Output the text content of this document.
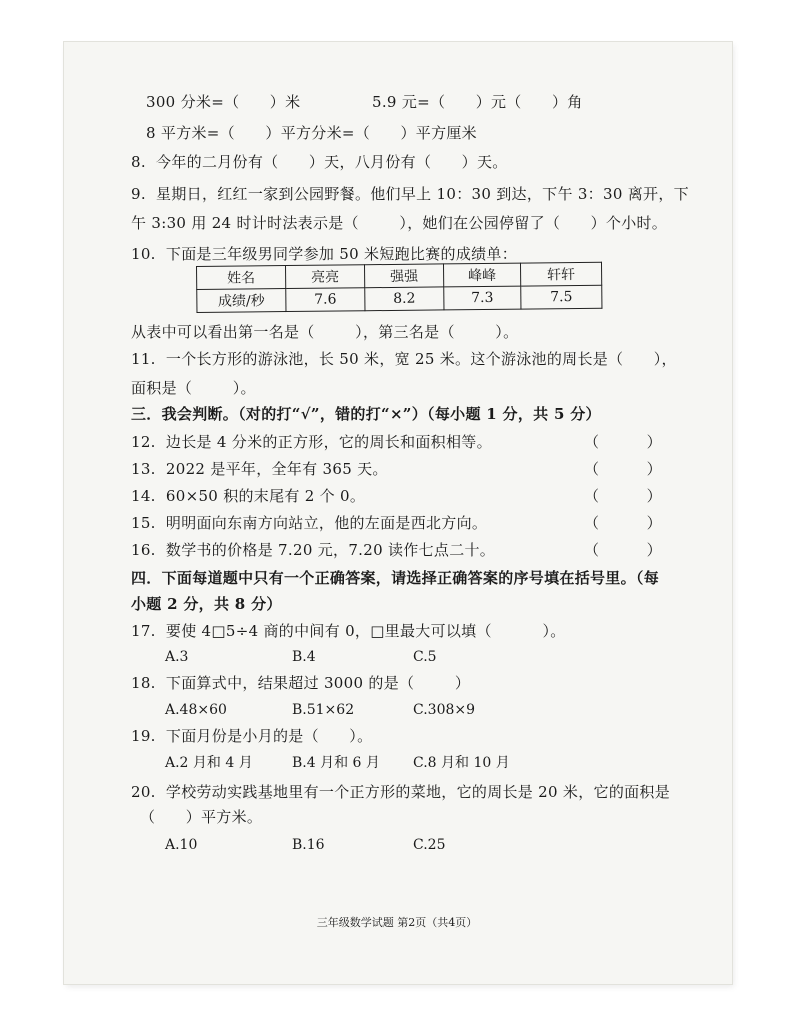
300 分米=（      ）米	5.9 元=（      ）元（      ）角
8 平方米=（      ）平方分米=（      ）平方厘米
8.  今年的二月份有（      ）天，八月份有（      ）天。
9.  星期日，红红一家到公园野餐。他们早上 10：30 到达，下午 3：30 离开，下
午 3:30 用 24 时计时法表示是（        ），她们在公园停留了（      ）个小时。
10.  下面是三年级男同学参加 50 米短跑比赛的成绩单：
姓名	亮亮	强强	峰峰	轩轩
成绩/秒	7.6	8.2	7.3	7.5
从表中可以看出第一名是（        ），第三名是（        ）。
11.  一个长方形的游泳池，长 50 米，宽 25 米。这个游泳池的周长是（      ），
面积是（        ）。
三．我会判断。（对的打“√”，错的打“×”）（每小题 1 分，共 5 分）
12.  边长是 4 分米的正方形，它的周长和面积相等。	（          ）
13.  2022 是平年，全年有 365 天。	（          ）
14.  60×50 积的末尾有 2 个 0。	（          ）
15.  明明面向东南方向站立，他的左面是西北方向。	（          ）
16.  数学书的价格是 7.20 元，7.20 读作七点二十。	（          ）
四．下面每道题中只有一个正确答案，请选择正确答案的序号填在括号里。（每
小题 2 分，共 8 分）
17.  要使 4□5÷4 商的中间有 0，□里最大可以填（          ）。
A.3	B.4	C.5
18.  下面算式中，结果超过 3000 的是（        ）
A.48×60	B.51×62	C.308×9
19.  下面月份是小月的是（      ）。
A.2 月和 4 月	B.4 月和 6 月 C.8 月和 10 月
20.  学校劳动实践基地里有一个正方形的菜地，它的周长是 20 米，它的面积是
（      ）平方米。
A.10	B.16	C.25
三年级数学试题 第2页（共4页）
